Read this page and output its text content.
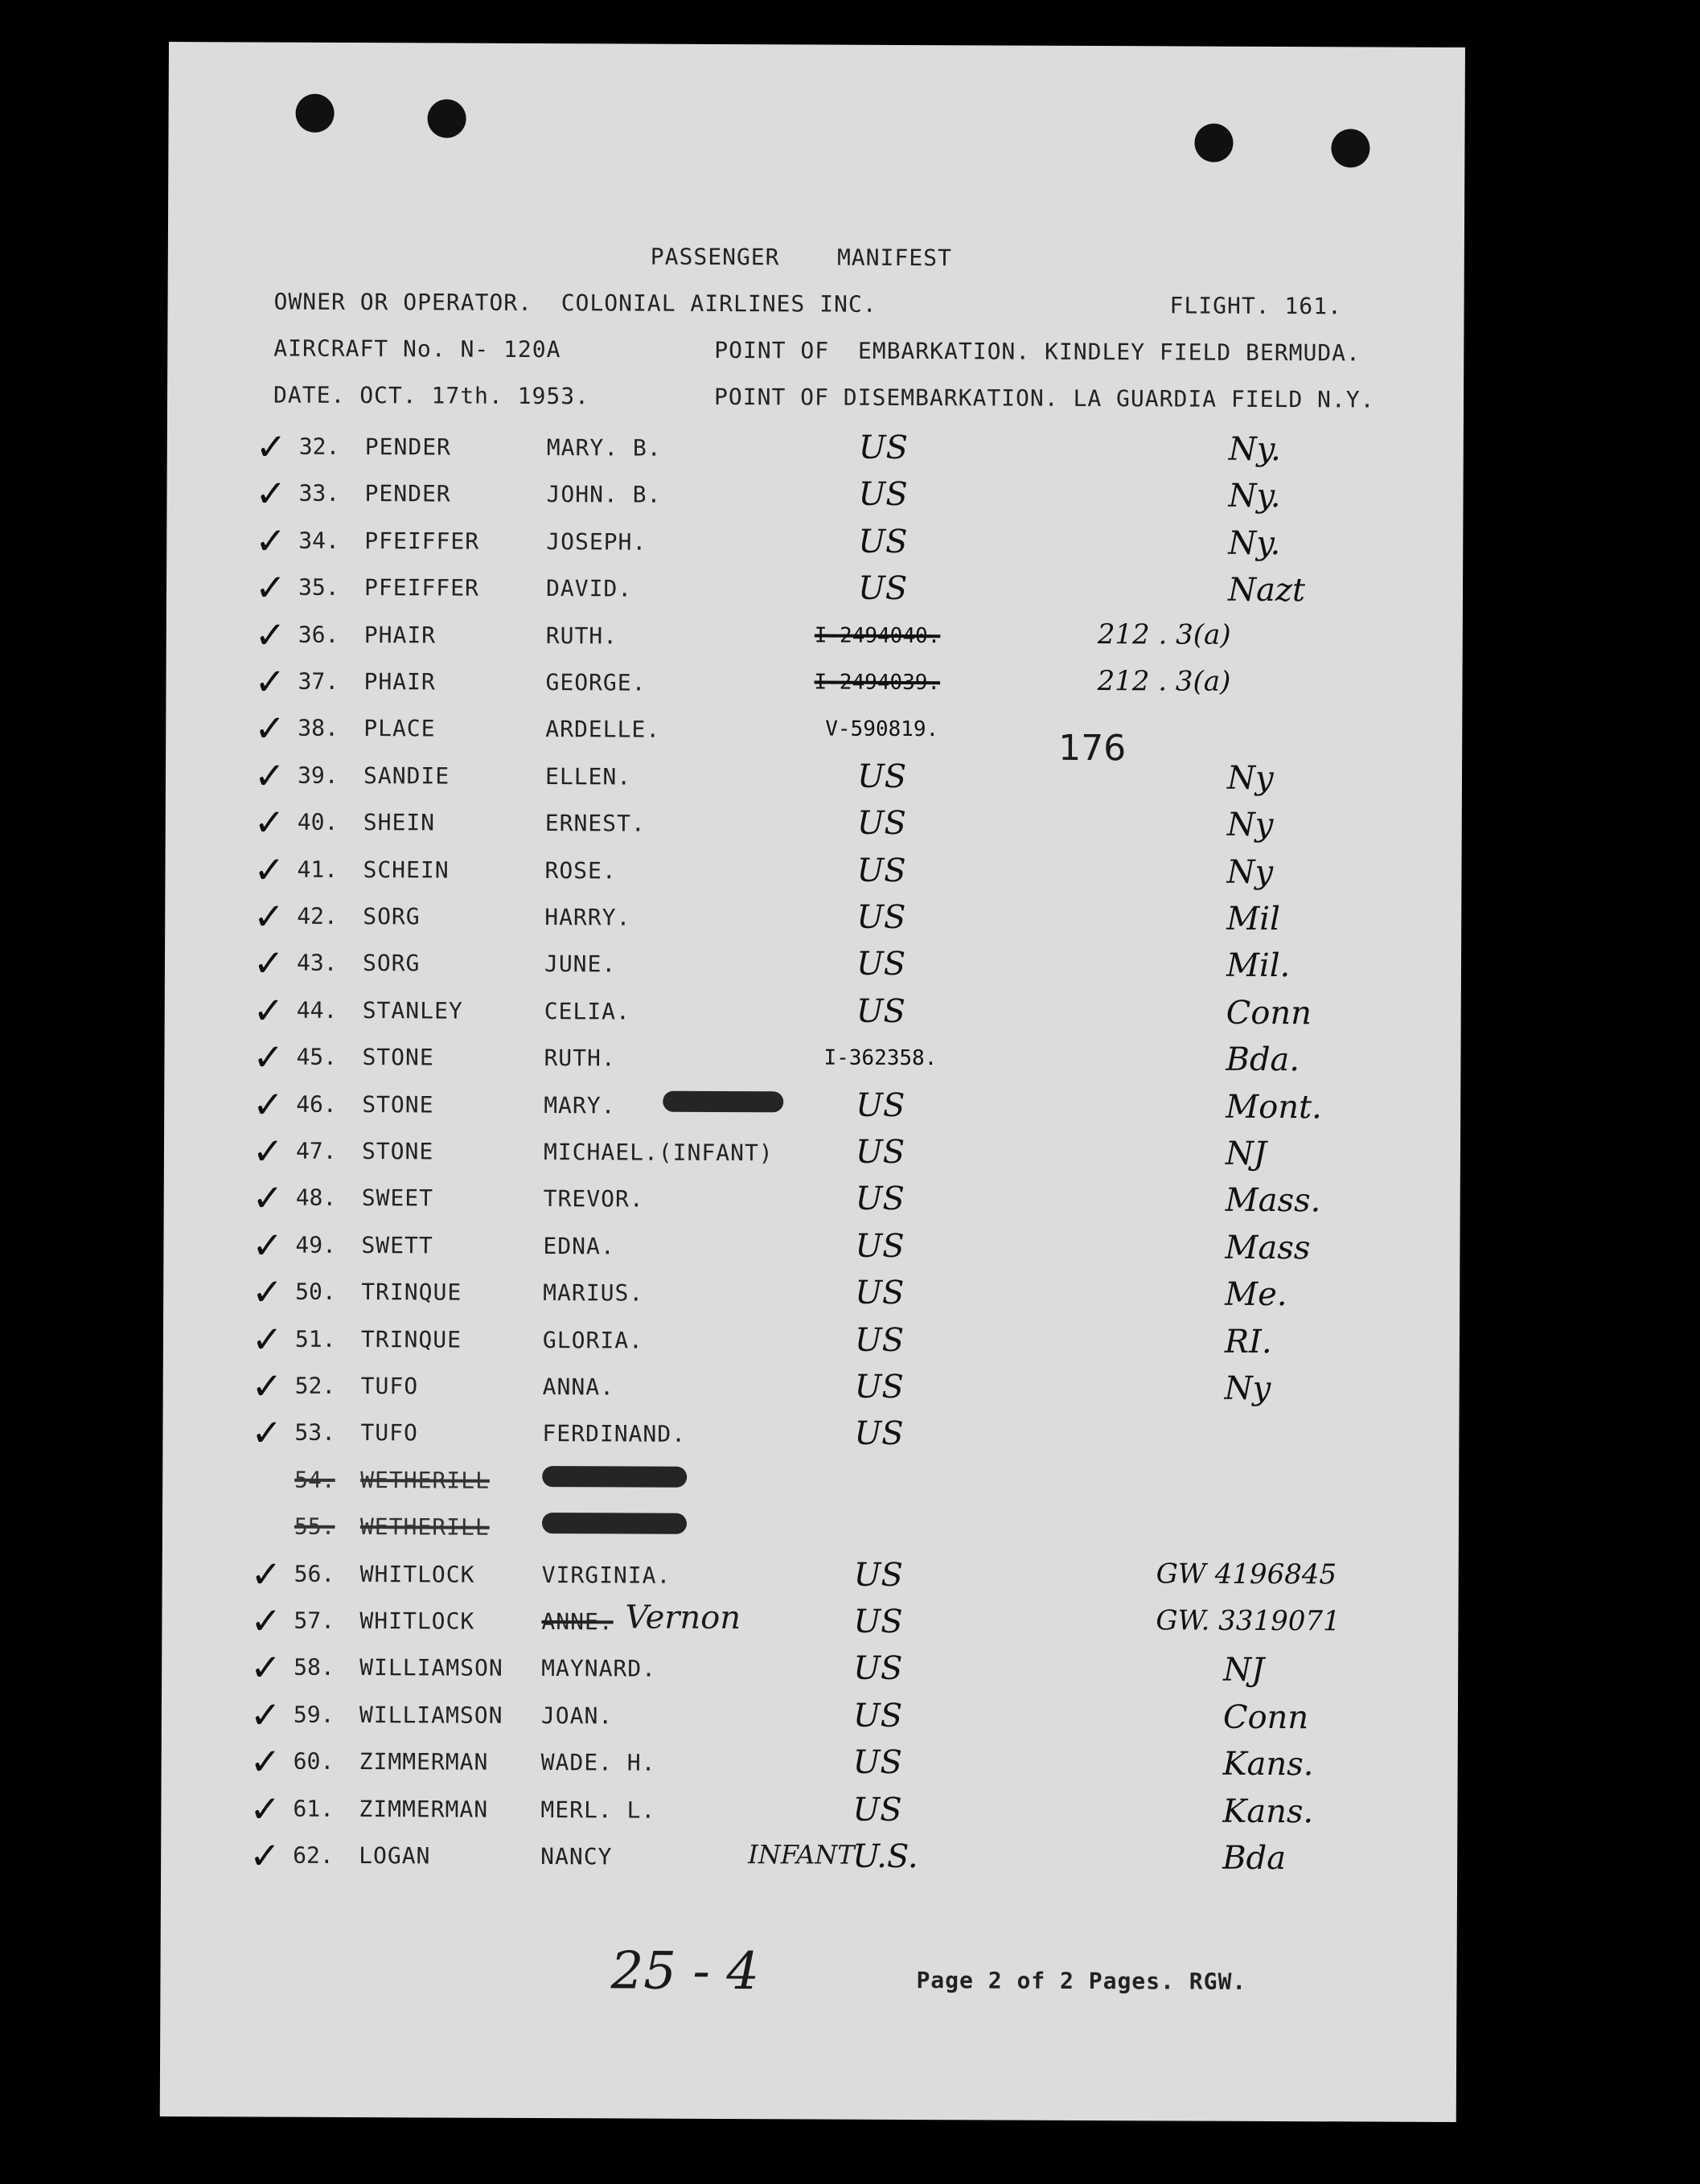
PASSENGER    MANIFEST
OWNER OR OPERATOR.  COLONIAL AIRLINES INC.	FLIGHT. 161.
AIRCRAFT No. N- 120A	POINT OF  EMBARKATION. KINDLEY FIELD BERMUDA.
DATE. OCT. 17th. 1953.	POINT OF DISEMBARKATION. LA GUARDIA FIELD N.Y.
176
✓ 32. PENDER	MARY. B.	US	Ny.
✓ 33. PENDER	JOHN. B.	US	Ny.
✓ 34. PFEIFFER	JOSEPH.	US	Ny.
✓ 35. PFEIFFER	DAVID.	US	Nazt
✓ 36. PHAIR	RUTH.	I-2494040.	212 . 3(a)
✓ 37. PHAIR	GEORGE.	I-2494039.	212 . 3(a)
✓ 38. PLACE	ARDELLE.	V-590819.
✓ 39. SANDIE	ELLEN.	US	Ny
✓ 40. SHEIN	ERNEST.	US	Ny
✓ 41. SCHEIN	ROSE.	US	Ny
✓ 42. SORG	HARRY.	US	Mil
✓ 43. SORG	JUNE.	US	Mil.
✓ 44. STANLEY	CELIA.	US	Conn
✓ 45. STONE	RUTH.	I-362358.	Bda.
✓ 46. STONE	MARY.	US	Mont.
✓ 47. STONE	MICHAEL.(INFANT)	US	NJ
✓ 48. SWEET	TREVOR.	US	Mass.
✓ 49. SWETT	EDNA.	US	Mass
✓ 50. TRINQUE	MARIUS.	US	Me.
✓ 51. TRINQUE	GLORIA.	US	RI.
✓ 52. TUFO	ANNA.	US	Ny
✓ 53. TUFO	FERDINAND.	US
54. WETHERILL
55. WETHERILL
✓ 56. WHITLOCK	VIRGINIA.	US	GW 4196845
✓ 57. WHITLOCK	ANNE.	US	GW. 3319071
Vernon
✓ 58. WILLIAMSON MAYNARD.	US	NJ
✓ 59. WILLIAMSON JOAN.	US	Conn
✓ 60. ZIMMERMAN WADE. H.	US	Kans.
✓ 61. ZIMMERMAN MERL. L.	US	Kans.
✓ 62. LOGAN	NANCY	U.S.	Bda
INFANT
25 - 4	Page 2 of 2 Pages. RGW.
